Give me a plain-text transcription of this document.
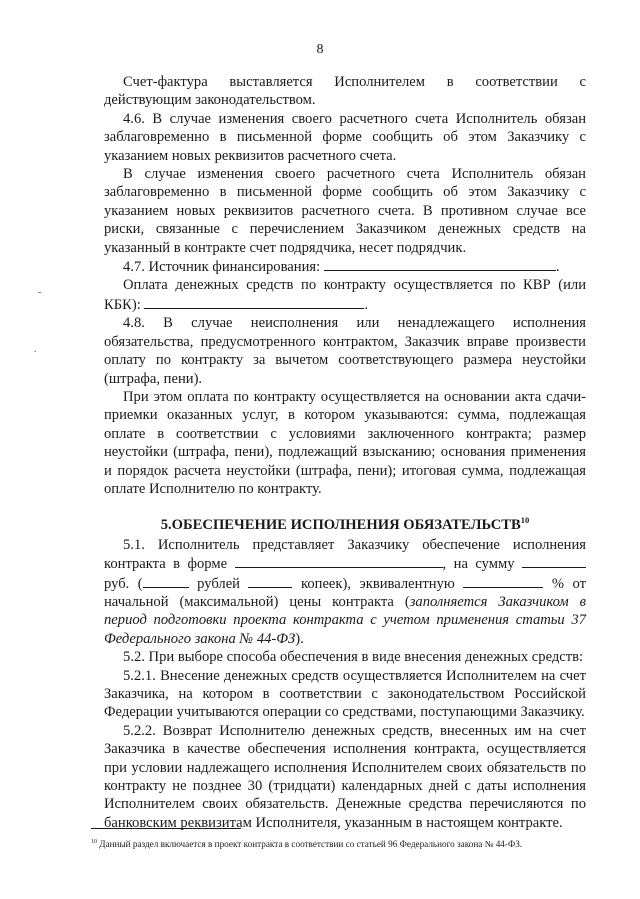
8

Счет-фактура выставляется Исполнителем в соответствии с действующим законодательством.

4.6. В случае изменения своего расчетного счета Исполнитель обязан заблаговременно в письменной форме сообщить об этом Заказчику с указанием новых реквизитов расчетного счета.

В случае изменения своего расчетного счета Исполнитель обязан заблаговременно в письменной форме сообщить об этом Заказчику с указанием новых реквизитов расчетного счета. В противном случае все риски, связанные с перечислением Заказчиком денежных средств на указанный в контракте счет подрядчика, несет подрядчик.

4.7. Источник финансирования:	.

Оплата денежных средств по контракту осуществляется по КВР (или КБК):	.

4.8. В случае неисполнения или ненадлежащего исполнения обязательства, предусмотренного контрактом, Заказчик вправе произвести оплату по контракту за вычетом соответствующего размера неустойки (штрафа, пени).

При этом оплата по контракту осуществляется на основании акта сдачи-приемки оказанных услуг, в котором указываются: сумма, подлежащая оплате в соответствии с условиями заключенного контракта; размер неустойки (штрафа, пени), подлежащий взысканию; основания применения и порядок расчета неустойки (штрафа, пени); итоговая сумма, подлежащая оплате Исполнителю по контракту.

5.ОБЕСПЕЧЕНИЕ ИСПОЛНЕНИЯ ОБЯЗАТЕЛЬСТВ$^{10}$

5.1. Исполнитель представляет Заказчику обеспечение исполнения контракта в форме	, на сумму  руб. (	рублей	копеек), эквивалентную	% от начальной (максимальной) цены контракта (заполняется Заказчиком в период подготовки проекта контракта с учетом применения статьи 37 Федерального закона № 44-ФЗ).

5.2. При выборе способа обеспечения в виде внесения денежных средств:

5.2.1. Внесение денежных средств осуществляется Исполнителем на счет Заказчика, на котором в соответствии с законодательством Российской Федерации учитываются операции со средствами, поступающими Заказчику.

5.2.2. Возврат Исполнителю денежных средств, внесенных им на счет Заказчика в качестве обеспечения исполнения контракта, осуществляется при условии надлежащего исполнения Исполнителем своих обязательств по контракту не позднее 30 (тридцати) календарных дней с даты исполнения Исполнителем своих обязательств. Денежные средства перечисляются по банковским реквизитам Исполнителя, указанным в настоящем контракте.

-
.
$^{10}$ Данный раздел включается в проект контракта в соответствии со статьей 96 Федерального закона № 44-ФЗ.
